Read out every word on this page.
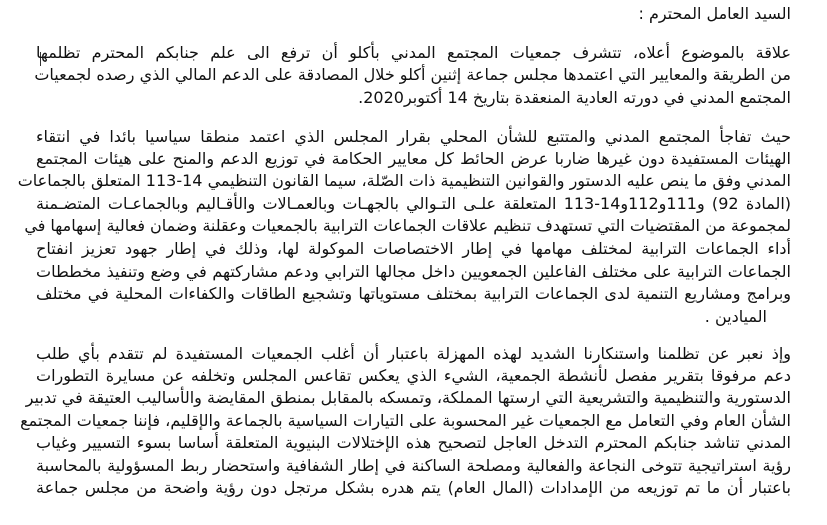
السيد العامل المحترم :
علاقة بالموضوع أعلاه، تتشرف جمعيات المجتمع المدني بأكلو أن ترفع الى علم جنابكم المحترم تظلمها
من الطريقة والمعايير التي اعتمدها مجلس جماعة إثنين أكلو خلال المصادقة على الدعم المالي الذي رصده لجمعيات
المجتمع المدني في دورته العادية المنعقدة بتاريخ 14 أكتوبر2020.
حيث تفاجأ المجتمع المدني والمتتبع للشأن المحلي بقرار المجلس الذي اعتمد منطقا سياسيا بائدا في انتقاء
الهيئات المستفيدة دون غيرها ضاربا عرض الحائط كل معايير الحكامة في توزيع الدعم والمنح على هيئات المجتمع
المدني وفق ما ينص عليه الدستور والقوانين التنظيمية ذات الصّلة، سيما القانون التنظيمي 14-113 المتعلق بالجماعات
(المادة 92) و111و112و14-113 المتعلقة علـى التـوالي بالجهـات وبالعمـالات والأقـاليم وبالجماعـات المتضـمنة
لمجموعة من المقتضيات التي تستهدف تنظيم علاقات الجماعات الترابية بالجمعيات وعقلنة وضمان فعالية إسهامها في
أداء الجماعات الترابية لمختلف مهامها في إطار الاختصاصات الموكولة لها، وذلك في إطار جهود تعزيز انفتاح
الجماعات الترابية على مختلف الفاعلين الجمعويين داخل مجالها الترابي ودعم مشاركتهم في وضع وتنفيذ مخططات
وبرامج ومشاريع التنمية لدى الجماعات الترابية بمختلف مستوياتها وتشجيع الطاقات والكفاءات المحلية في مختلف
الميادين .
وإذ نعبر عن تظلمنا واستنكارنا الشديد لهذه المهزلة باعتبار أن أغلب الجمعيات المستفيدة لم تتقدم بأي طلب
دعم مرفوقا بتقرير مفصل لأنشطة الجمعية، الشيء الذي يعكس تقاعس المجلس وتخلفه عن مسايرة التطورات
الدستورية والتنظيمية والتشريعية التي ارستها المملكة، وتمسكه بالمقابل بمنطق المقايضة والأساليب العتيقة في تدبير
الشأن العام وفي التعامل مع الجمعيات غير المحسوبة على التيارات السياسية بالجماعة والإقليم، فإننا جمعيات المجتمع
المدني تناشد جنابكم المحترم التدخل العاجل لتصحيح هذه الإختلالات البنيوية المتعلقة أساسا بسوء التسيير وغياب
رؤية استراتيجية تتوخى النجاعة والفعالية ومصلحة الساكنة في إطار الشفافية واستحضار ربط المسؤولية بالمحاسبة
باعتبار أن ما تم توزيعه من الإمدادات (المال العام) يتم هدره بشكل مرتجل دون رؤية واضحة من مجلس جماعة
